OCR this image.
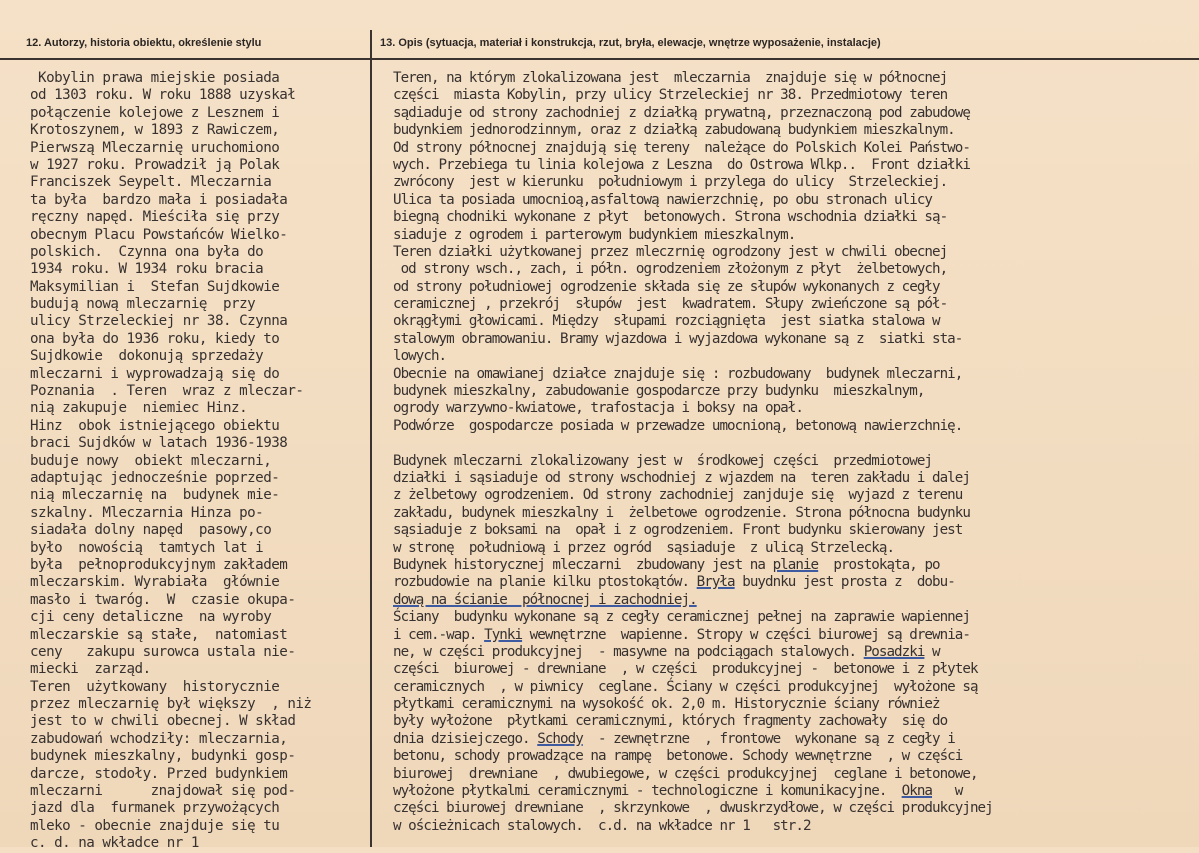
12. Autorzy, historia obiektu, określenie stylu	13. Opis (sytuacja, materiał i konstrukcja, rzut, bryła, elewacje, wnętrze wyposażenie, instalacje)
Kobylin prawa miejskie posiada
od 1303 roku. W roku 1888 uzyskał
połączenie kolejowe z Lesznem i
Krotoszynem, w 1893 z Rawiczem,
Pierwszą Mleczarnię uruchomiono
w 1927 roku. Prowadził ją Polak
Franciszek Seypelt. Mleczarnia
ta była  bardzo mała i posiadała
ręczny napęd. Mieściła się przy
obecnym Placu Powstańców Wielko-
polskich.  Czynna ona była do
1934 roku. W 1934 roku bracia
Maksymilian i  Stefan Sujdkowie
budują nową mleczarnię  przy
ulicy Strzeleckiej nr 38. Czynna
ona była do 1936 roku, kiedy to
Sujdkowie  dokonują sprzedaży
mleczarni i wyprowadzają się do
Poznania  . Teren  wraz z mleczar-
nią zakupuje  niemiec Hinz.
Hinz  obok istniejącego obiektu
braci Sujdków w latach 1936-1938
buduje nowy  obiekt mleczarni,
adaptując jednocześnie poprzed-
nią mleczarnię na  budynek mie-
szkalny. Mleczarnia Hinza po-
siadała dolny napęd  pasowy,co
było  nowością  tamtych lat i
była  pełnoprodukcyjnym zakładem
mleczarskim. Wyrabiała  głównie
masło i twaróg.  W  czasie okupa-
cji ceny detaliczne  na wyroby
mleczarskie są stałe,  natomiast
ceny   zakupu surowca ustala nie-
miecki  zarząd.
Teren  użytkowany  historycznie
przez mleczarnię był większy  , niż
jest to w chwili obecnej. W skład
zabudowań wchodziły: mleczarnia,
budynek mieszkalny, budynki gosp-
darcze, stodoły. Przed budynkiem
mleczarni      znajdował się pod-
jazd dla  furmanek przywożących
mleko - obecnie znajduje się tu
c. d. na wkładce nr 1
Teren, na którym zlokalizowana jest  mleczarnia  znajduje się w północnej
części  miasta Kobylin, przy ulicy Strzeleckiej nr 38. Przedmiotowy teren
sądiaduje od strony zachodniej z działką prywatną, przeznaczoną pod zabudowę
budynkiem jednorodzinnym, oraz z działką zabudowaną budynkiem mieszkalnym.
Od strony północnej znajdują się tereny  należące do Polskich Kolei Państwo-
wych. Przebiega tu linia kolejowa z Leszna  do Ostrowa Wlkp..  Front działki
zwrócony  jest w kierunku  południowym i przylega do ulicy  Strzeleckiej.
Ulica ta posiada umocnioą,asfaltową nawierzchnię, po obu stronach ulicy
biegną chodniki wykonane z płyt  betonowych. Strona wschodnia działki są-
siaduje z ogrodem i parterowym budynkiem mieszkalnym.
Teren działki użytkowanej przez mleczrnię ogrodzony jest w chwili obecnej
od strony wsch., zach, i półn. ogrodzeniem złożonym z płyt  żelbetowych,
od strony południowej ogrodzenie składa się ze słupów wykonanych z cegły
ceramicznej , przekrój  słupów  jest  kwadratem. Słupy zwieńczone są pół-
okrągłymi głowicami. Między  słupami rozciągnięta  jest siatka stalowa w
stalowym obramowaniu. Bramy wjazdowa i wyjazdowa wykonane są z  siatki sta-
lowych.
Obecnie na omawianej działce znajduje się : rozbudowany  budynek mleczarni,
budynek mieszkalny, zabudowanie gospodarcze przy budynku  mieszkalnym,
ogrody warzywno-kwiatowe, trafostacja i boksy na opał.
Podwórze  gospodarcze posiada w przewadze umocnioną, betonową nawierzchnię.
Budynek mleczarni zlokalizowany jest w  środkowej części  przedmiotowej
działki i sąsiaduje od strony wschodniej z wjazdem na  teren zakładu i dalej
z żelbetowy ogrodzeniem. Od strony zachodniej zanjduje się  wyjazd z terenu
zakładu, budynek mieszkalny i  żelbetowe ogrodzenie. Strona północna budynku
sąsiaduje z boksami na  opał i z ogrodzeniem. Front budynku skierowany jest
w stronę  południową i przez ogród  sąsiaduje  z ulicą Strzelecką.
Budynek historycznej mleczarni  zbudowany jest na planie  prostokąta, po
rozbudowie na planie kilku ptostokątów. Bryła buydnku jest prosta z  dobu-
dową na ścianie  północnej i zachodniej.
Ściany  budynku wykonane są z cegły ceramicznej pełnej na zaprawie wapiennej
i cem.-wap. Tynki wewnętrzne  wapienne. Stropy w części biurowej są drewnia-
ne, w części produkcyjnej  - masywne na podciągach stalowych. Posadzki w
części  biurowej - drewniane  , w części  produkcyjnej -  betonowe i z płytek
ceramicznych  , w piwnicy  ceglane. Ściany w części produkcyjnej  wyłożone są
płytkami ceramicznymi na wysokość ok. 2,0 m. Historycznie ściany również
były wyłożone  płytkami ceramicznymi, których fragmenty zachowały  się do
dnia dzisiejczego. Schody  - zewnętrzne  , frontowe  wykonane są z cegły i
betonu, schody prowadzące na rampę  betonowe. Schody wewnętrzne  , w części
biurowej  drewniane  , dwubiegowe, w części produkcyjnej  ceglane i betonowe,
wyłożone płytkalmi ceramicznymi - technologiczne i komunikacyjne.  Okna   w
części biurowej drewniane  , skrzynkowe  , dwuskrzydłowe, w części produkcyjnej
w ościeżnicach stalowych.  c.d. na wkładce nr 1   str.2
